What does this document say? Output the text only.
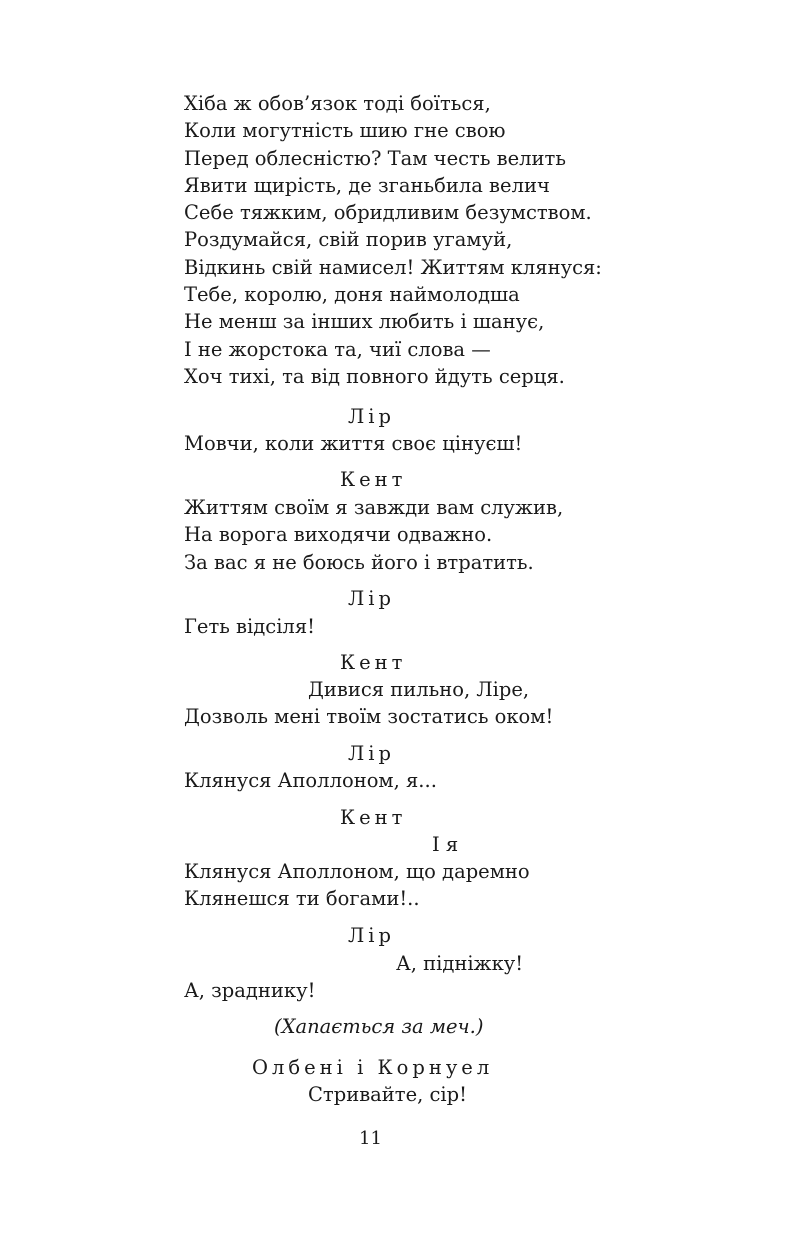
Хіба ж обов’язок тоді боїться,
Коли могутність шию гне свою
Перед облесністю? Там честь велить
Явити щирість, де зганьбила велич
Себе тяжким, обридливим безумством.
Роздумайся, свій порив угамуй,
Відкинь свій намисел! Життям клянуся:
Тебе, королю, доня наймолодша
Не менш за інших любить і шанує,
І не жорстока та, чиї слова —
Хоч тихі, та від повного йдуть серця.
Лір
Мовчи, коли життя своє цінуєш!
Кент
Життям своїм я завжди вам служив,
На ворога виходячи одважно.
За вас я не боюсь його і втратить.
Лір
Геть відсіля!
Кент
Дивися пильно, Ліре,
Дозволь мені твоїм зостатись оком!
Лір
Клянуся Аполлоном, я...
Кент
І я
Клянуся Аполлоном, що даремно
Клянешся ти богами!..
Лір
А, підніжку!
А, зраднику!
(Хапається за меч.)
Олбені і Корнуел
Стривайте, сір!
11
